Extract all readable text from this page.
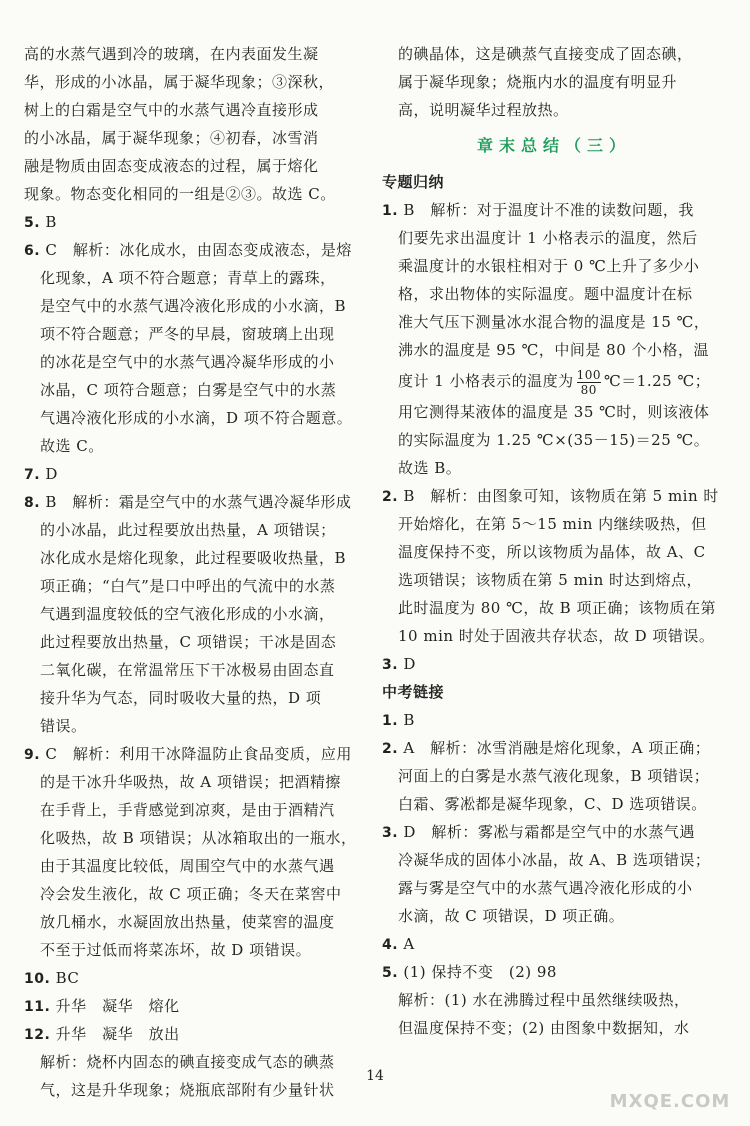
高的水蒸气遇到冷的玻璃，在内表面发生凝
华，形成的小冰晶，属于凝华现象；③深秋，
树上的白霜是空气中的水蒸气遇冷直接形成
的小冰晶，属于凝华现象；④初春，冰雪消
融是物质由固态变成液态的过程，属于熔化
现象。物态变化相同的一组是②③。故选 C。
5. B
6. C　解析：冰化成水，由固态变成液态，是熔
化现象，A 项不符合题意；青草上的露珠，
是空气中的水蒸气遇冷液化形成的小水滴，B
项不符合题意；严冬的早晨，窗玻璃上出现
的冰花是空气中的水蒸气遇冷凝华形成的小
冰晶，C 项符合题意；白雾是空气中的水蒸
气遇冷液化形成的小水滴，D 项不符合题意。
故选 C。
7. D
8. B　解析：霜是空气中的水蒸气遇冷凝华形成
的小冰晶，此过程要放出热量，A 项错误；
冰化成水是熔化现象，此过程要吸收热量，B
项正确；“白气”是口中呼出的气流中的水蒸
气遇到温度较低的空气液化形成的小水滴，
此过程要放出热量，C 项错误；干冰是固态
二氧化碳，在常温常压下干冰极易由固态直
接升华为气态，同时吸收大量的热，D 项
错误。
9. C　解析：利用干冰降温防止食品变质，应用
的是干冰升华吸热，故 A 项错误；把酒精擦
在手背上，手背感觉到凉爽，是由于酒精汽
化吸热，故 B 项错误；从冰箱取出的一瓶水，
由于其温度比较低，周围空气中的水蒸气遇
冷会发生液化，故 C 项正确；冬天在菜窖中
放几桶水，水凝固放出热量，使菜窖的温度
不至于过低而将菜冻坏，故 D 项错误。
10. BC
11. 升华　凝华　熔化
12. 升华　凝华　放出
解析：烧杯内固态的碘直接变成气态的碘蒸
气，这是升华现象；烧瓶底部附有少量针状
的碘晶体，这是碘蒸气直接变成了固态碘，
属于凝华现象；烧瓶内水的温度有明显升
高，说明凝华过程放热。
章末总结（三）
专题归纳
1. B　解析：对于温度计不准的读数问题，我
们要先求出温度计 1 小格表示的温度，然后
乘温度计的水银柱相对于 0 ℃上升了多少小
格，求出物体的实际温度。题中温度计在标
准大气压下测量冰水混合物的温度是 15 ℃，
沸水的温度是 95 ℃，中间是 80 个小格，温
度计 1 小格表示的温度为 $\frac{100}{80}$ ℃＝1.25 ℃；
用它测得某液体的温度是 35 ℃时，则该液体
的实际温度为 1.25 ℃×(35－15)＝25 ℃。
故选 B。
2. B　解析：由图象可知，该物质在第 5 min 时
开始熔化，在第 5～15 min 内继续吸热，但
温度保持不变，所以该物质为晶体，故 A、C
选项错误；该物质在第 5 min 时达到熔点，
此时温度为 80 ℃，故 B 项正确；该物质在第
10 min 时处于固液共存状态，故 D 项错误。
3. D
中考链接
1. B
2. A　解析：冰雪消融是熔化现象，A 项正确；
河面上的白雾是水蒸气液化现象，B 项错误；
白霜、雾凇都是凝华现象，C、D 选项错误。
3. D　解析：雾凇与霜都是空气中的水蒸气遇
冷凝华成的固体小冰晶，故 A、B 选项错误；
露与雾是空气中的水蒸气遇冷液化形成的小
水滴，故 C 项错误，D 项正确。
4. A
5. (1) 保持不变　(2) 98
解析：(1) 水在沸腾过程中虽然继续吸热，
但温度保持不变；(2) 由图象中数据知，水
14
MXQE.COM
